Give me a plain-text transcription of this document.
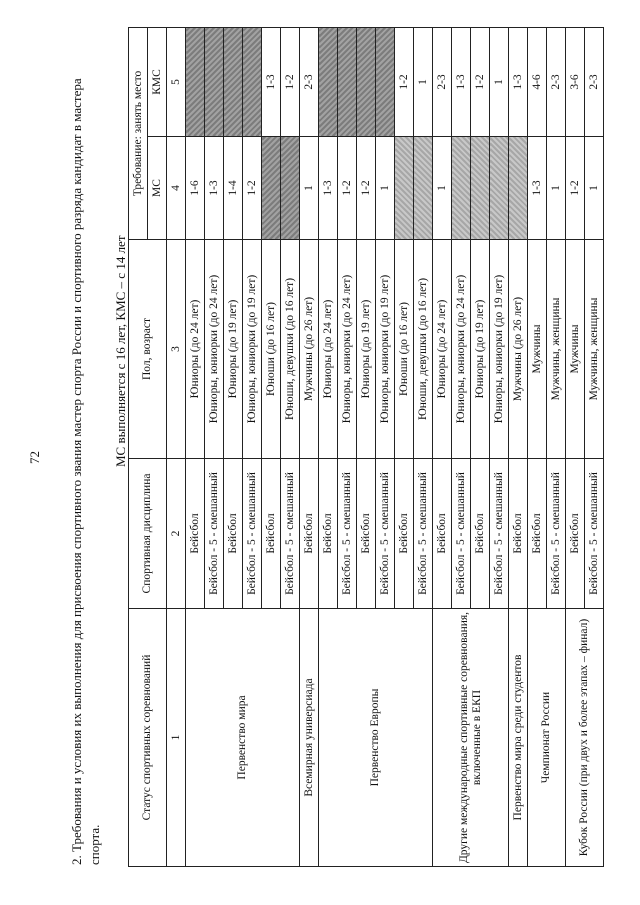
72 2. Требования и условия их выполнения для присвоения спортивного звания мастер спорта России и спортивного разряда кандидат в мастера спорта.
МС выполняется с 16 лет, КМС – с 14 лет
Статус спортивных соревнований	Спортивная дисциплина	Пол, возраст	Требование: занять место	
			МС	КМС
1	2	3	4	5
Первенство мира	Бейсбол	Юниоры (до 24 лет)	1-6	
	Бейсбол - 5 - смешанный	Юниоры, юниорки (до 24 лет)	1-3	
	Бейсбол	Юниоры (до 19 лет)	1-4	
	Бейсбол - 5 - смешанный	Юниоры, юниорки (до 19 лет)	1-2	
	Бейсбол	Юноши (до 16 лет)		1-3
	Бейсбол - 5 - смешанный	Юноши, девушки (до 16 лет)		1-2
Всемирная универсиада	Бейсбол	Мужчины (до 26 лет)	1	2-3
Первенство Европы	Бейсбол	Юниоры (до 24 лет)	1-3	
	Бейсбол - 5 - смешанный	Юниоры, юниорки (до 24 лет)	1-2	
	Бейсбол	Юниоры (до 19 лет)	1-2	
	Бейсбол - 5 - смешанный	Юниоры, юниорки (до 19 лет)	1	
	Бейсбол	Юноши (до 16 лет)		1-2
	Бейсбол - 5 - смешанный	Юноши, девушки (до 16 лет)		1
Другие международные спортивные соревнования, включенные в ЕКП	Бейсбол	Юниоры (до 24 лет)	1	2-3
	Бейсбол - 5 - смешанный	Юниоры, юниорки (до 24 лет)		1-3
	Бейсбол	Юниоры (до 19 лет)		1-2
	Бейсбол - 5 - смешанный	Юниоры, юниорки (до 19 лет)		1
Первенство мира среди студентов	Бейсбол	Мужчины (до 26 лет)		1-3
Чемпионат России	Бейсбол	Мужчины	1-3	4-6
	Бейсбол - 5 - смешанный	Мужчины, женщины	1	2-3
Кубок России (при двух и более этапах – финал)	Бейсбол	Мужчины	1-2	3-6
	Бейсбол - 5 - смешанный	Мужчины, женщины	1	2-3
